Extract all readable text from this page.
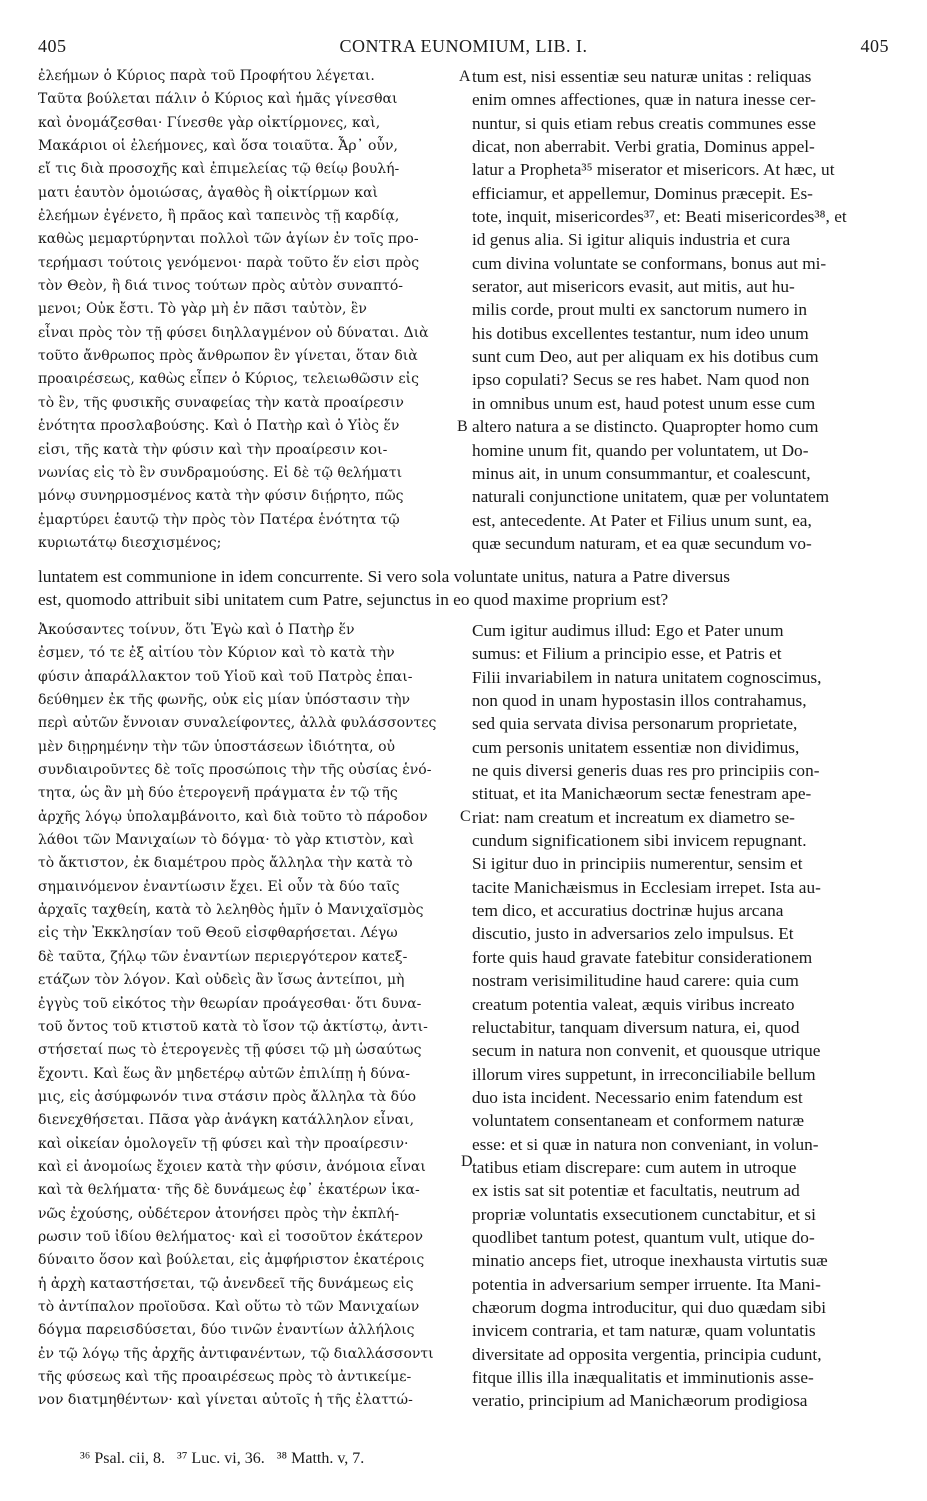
405	CONTRA EUNOMIUM, LIB. I.	405
ἐλεήμων ὁ Κύριος παρὰ τοῦ Προφήτου λέγεται.
Ταῦτα βούλεται πάλιν ὁ Κύριος καὶ ἡμᾶς γίνεσθαι
καὶ ὀνομάζεσθαι· Γίνεσθε γὰρ οἰκτίρμονες, καὶ,
Μακάριοι οἱ ἐλεήμονες, καὶ ὅσα τοιαῦτα. Ἆρ᾽ οὖν,
εἴ τις διὰ προσοχῆς καὶ ἐπιμελείας τῷ θείῳ βουλή-
ματι ἑαυτὸν ὁμοιώσας, ἀγαθὸς ἢ οἰκτίρμων καὶ
ἐλεήμων ἐγένετο, ἢ πρᾶος καὶ ταπεινὸς τῇ καρδίᾳ,
καθὼς μεμαρτύρηνται πολλοὶ τῶν ἁγίων ἐν τοῖς προ-
τερήμασι τούτοις γενόμενοι· παρὰ τοῦτο ἕν εἰσι πρὸς
τὸν Θεὸν, ἢ διά τινος τούτων πρὸς αὐτὸν συναπτό-
μενοι; Οὐκ ἔστι. Τὸ γὰρ μὴ ἐν πᾶσι ταὐτὸν, ἓν
εἶναι πρὸς τὸν τῇ φύσει διηλλαγμένον οὐ δύναται. Διὰ
τοῦτο ἄνθρωπος πρὸς ἄνθρωπον ἓν γίνεται, ὅταν διὰ
προαιρέσεως, καθὼς εἶπεν ὁ Κύριος, τελειωθῶσιν εἰς
τὸ ἓν, τῆς φυσικῆς συναφείας τὴν κατὰ προαίρεσιν
ἑνότητα προσλαβούσης. Καὶ ὁ Πατὴρ καὶ ὁ Υἱὸς ἕν
εἰσι, τῆς κατὰ τὴν φύσιν καὶ τὴν προαίρεσιν κοι-
νωνίας εἰς τὸ ἓν συνδραμούσης. Εἰ δὲ τῷ θελήματι
μόνῳ συνηρμοσμένος κατὰ τὴν φύσιν διῄρητο, πῶς
ἐμαρτύρει ἑαυτῷ τὴν πρὸς τὸν Πατέρα ἑνότητα τῷ
κυριωτάτῳ διεσχισμένος;
tum est, nisi essentiæ seu naturæ unitas : reliquas
enim omnes affectiones, quæ in natura inesse cer-
nuntur, si quis etiam rebus creatis communes esse
dicat, non aberrabit. Verbi gratia, Dominus appel-
latur a Propheta³⁵ miserator et misericors. At hæc, ut
efficiamur, et appellemur, Dominus præcepit. Es-
tote, inquit, misericordes³⁷, et: Beati misericordes³⁸, et
id genus alia. Si igitur aliquis industria et cura
cum divina voluntate se conformans, bonus aut mi-
serator, aut misericors evasit, aut mitis, aut hu-
milis corde, prout multi ex sanctorum numero in
his dotibus excellentes testantur, num ideo unum
sunt cum Deo, aut per aliquam ex his dotibus cum
ipso copulati? Secus se res habet. Nam quod non
in omnibus unum est, haud potest unum esse cum
altero natura a se distincto. Quapropter homo cum
homine unum fit, quando per voluntatem, ut Do-
minus ait, in unum consummantur, et coalescunt,
naturali conjunctione unitatem, quæ per voluntatem
est, antecedente. At Pater et Filius unum sunt, ea,
quæ secundum naturam, et ea quæ secundum vo-
luntatem est communione in idem concurrente. Si vero sola voluntate unitus, natura a Patre diversus
est, quomodo attribuit sibi unitatem cum Patre, sejunctus in eo quod maxime proprium est?
Ἀκούσαντες τοίνυν, ὅτι Ἐγὼ καὶ ὁ Πατὴρ ἕν
ἐσμεν, τό τε ἐξ αἰτίου τὸν Κύριον καὶ τὸ κατὰ τὴν
φύσιν ἀπαράλλακτον τοῦ Υἱοῦ καὶ τοῦ Πατρὸς ἐπαι-
δεύθημεν ἐκ τῆς φωνῆς, οὐκ εἰς μίαν ὑπόστασιν τὴν
περὶ αὐτῶν ἔννοιαν συναλείφοντες, ἀλλὰ φυλάσσοντες
μὲν διῃρημένην τὴν τῶν ὑποστάσεων ἰδιότητα, οὐ
συνδιαιροῦντες δὲ τοῖς προσώποις τὴν τῆς οὐσίας ἑνό-
τητα, ὡς ἂν μὴ δύο ἑτερογενῆ πράγματα ἐν τῷ τῆς
ἀρχῆς λόγῳ ὑπολαμβάνοιτο, καὶ διὰ τοῦτο τὸ πάροδον
λάθοι τῶν Μανιχαίων τὸ δόγμα· τὸ γὰρ κτιστὸν, καὶ
τὸ ἄκτιστον, ἐκ διαμέτρου πρὸς ἄλληλα τὴν κατὰ τὸ
σημαινόμενον ἐναντίωσιν ἔχει. Εἰ οὖν τὰ δύο ταῖς
ἀρχαῖς ταχθείη, κατὰ τὸ λεληθὸς ἡμῖν ὁ Μανιχαϊσμὸς
εἰς τὴν Ἐκκλησίαν τοῦ Θεοῦ εἰσφθαρήσεται. Λέγω
δὲ ταῦτα, ζήλῳ τῶν ἐναντίων περιεργότερον κατεξ-
ετάζων τὸν λόγον. Καὶ οὐδεὶς ἂν ἴσως ἀντείποι, μὴ
ἐγγὺς τοῦ εἰκότος τὴν θεωρίαν προάγεσθαι· ὅτι δυνα-
τοῦ ὄντος τοῦ κτιστοῦ κατὰ τὸ ἴσον τῷ ἀκτίστῳ, ἀντι-
στήσεταί πως τὸ ἑτερογενὲς τῇ φύσει τῷ μὴ ὡσαύτως
ἔχοντι. Καὶ ἕως ἂν μηδετέρῳ αὐτῶν ἐπιλίπῃ ἡ δύνα-
μις, εἰς ἀσύμφωνόν τινα στάσιν πρὸς ἄλληλα τὰ δύο
διενεχθήσεται. Πᾶσα γὰρ ἀνάγκη κατάλληλον εἶναι,
καὶ οἰκείαν ὁμολογεῖν τῇ φύσει καὶ τὴν προαίρεσιν·
καὶ εἰ ἀνομοίως ἔχοιεν κατὰ τὴν φύσιν, ἀνόμοια εἶναι
καὶ τὰ θελήματα· τῆς δὲ δυνάμεως ἐφ᾽ ἑκατέρων ἱκα-
νῶς ἐχούσης, οὐδέτερον ἀτονήσει πρὸς τὴν ἐκπλή-
ρωσιν τοῦ ἰδίου θελήματος· καὶ εἰ τοσοῦτον ἑκάτερον
δύναιτο ὅσον καὶ βούλεται, εἰς ἀμφήριστον ἑκατέροις
ἡ ἀρχὴ καταστήσεται, τῷ ἀνενδεεῖ τῆς δυνάμεως εἰς
τὸ ἀντίπαλον προϊοῦσα. Καὶ οὕτω τὸ τῶν Μανιχαίων
δόγμα παρεισδύσεται, δύο τινῶν ἐναντίων ἀλλήλοις
ἐν τῷ λόγῳ τῆς ἀρχῆς ἀντιφανέντων, τῷ διαλλάσσοντι
τῆς φύσεως καὶ τῆς προαιρέσεως πρὸς τὸ ἀντικείμε-
νον διατμηθέντων· καὶ γίνεται αὐτοῖς ἡ τῆς ἐλαττώ-
Cum igitur audimus illud: Ego et Pater unum
sumus: et Filium a principio esse, et Patris et
Filii invariabilem in natura unitatem cognoscimus,
non quod in unam hypostasin illos contrahamus,
sed quia servata divisa personarum proprietate,
cum personis unitatem essentiæ non dividimus,
ne quis diversi generis duas res pro principiis con-
stituat, et ita Manichæorum sectæ fenestram ape-
riat: nam creatum et increatum ex diametro se-
cundum significationem sibi invicem repugnant.
Si igitur duo in principiis numerentur, sensim et
tacite Manichæismus in Ecclesiam irrepet. Ista au-
tem dico, et accuratius doctrinæ hujus arcana
discutio, justo in adversarios zelo impulsus. Et
forte quis haud gravate fatebitur considerationem
nostram verisimilitudine haud carere: quia cum
creatum potentia valeat, æquis viribus increato
reluctabitur, tanquam diversum natura, ei, quod
secum in natura non convenit, et quousque utrique
illorum vires suppetunt, in irreconciliabile bellum
duo ista incident. Necessario enim fatendum est
voluntatem consentaneam et conformem naturæ
esse: et si quæ in natura non conveniant, in volun-
tatibus etiam discrepare: cum autem in utroque
ex istis sat sit potentiæ et facultatis, neutrum ad
propriæ voluntatis exsecutionem cunctabitur, et si
quodlibet tantum potest, quantum vult, utique do-
minatio anceps fiet, utroque inexhausta virtutis suæ
potentia in adversarium semper irruente. Ita Mani-
chæorum dogma introducitur, qui duo quædam sibi
invicem contraria, et tam naturæ, quam voluntatis
diversitate ad opposita vergentia, principia cudunt,
fitque illis illa inæqualitatis et imminutionis asse-
veratio, principium ad Manichæorum prodigiosa
A
B
C
D
³⁶ Psal. cii, 8.   ³⁷ Luc. vi, 36.   ³⁸ Matth. v, 7.
